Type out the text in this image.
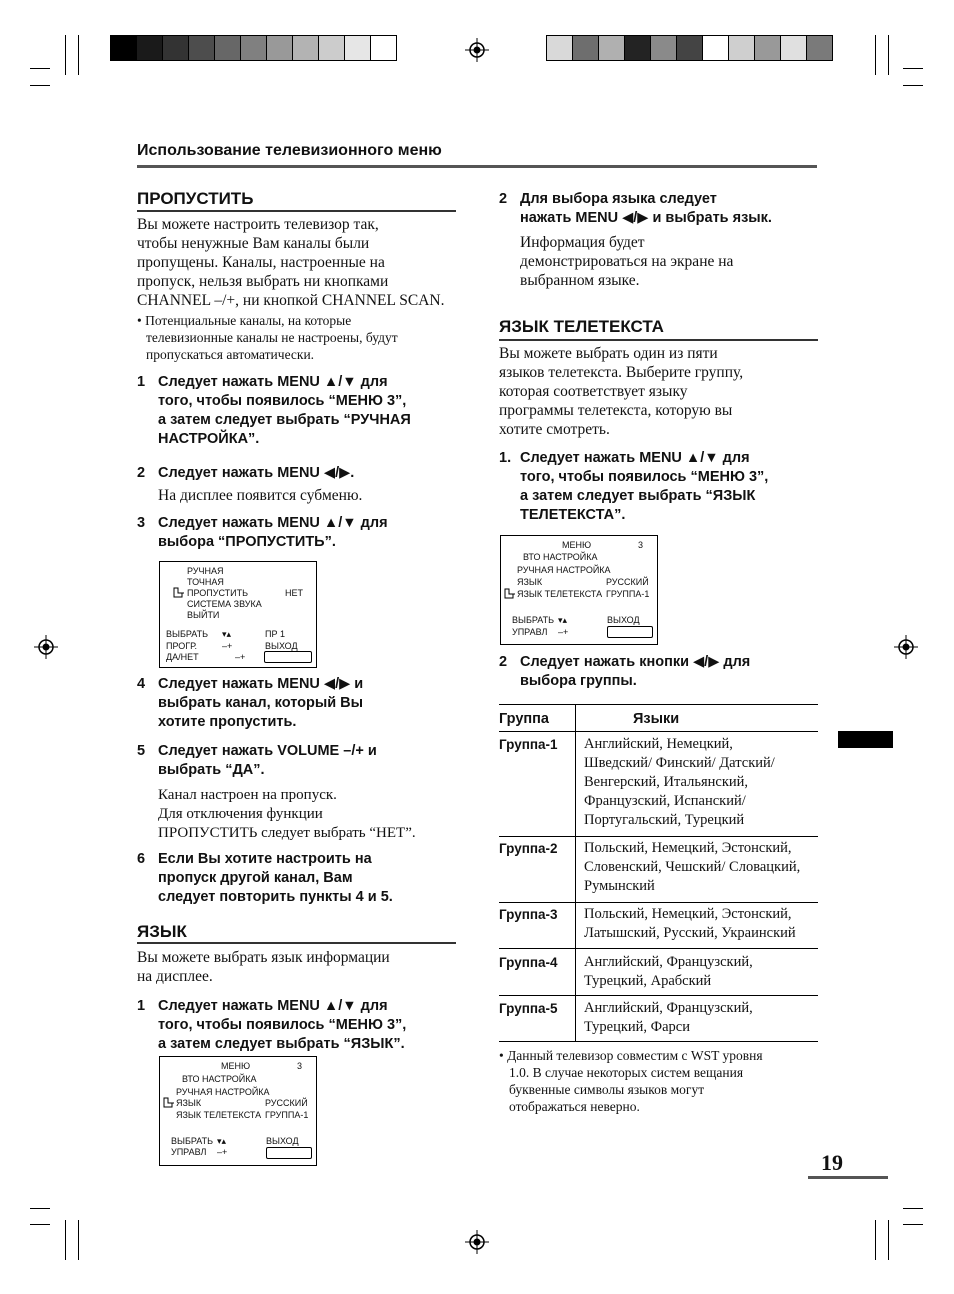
Использование телевизионного меню
ПРОПУСТИТЬ
Вы можете настроить телевизор так,
чтобы ненужные Вам каналы были
пропущены. Каналы, настроенные на
пропуск, нельзя выбрать ни кнопками
CHANNEL –/+, ни кнопкой CHANNEL SCAN.
• Потенциальные каналы, на которые
телевизионные каналы не настроены, будут
пропускаться автоматически.
1 Следует нажать MENU ▲/▼ для
того, чтобы появилось “МЕНЮ 3”,
а затем следует выбрать “РУЧНАЯ
НАСТРОЙКА”.
2 Следует нажать MENU ◀/▶.
На дисплее появится субменю.
3 Следует нажать MENU ▲/▼ для
выбора “ПРОПУСТИТЬ”.
РУЧНАЯ
ТОЧНАЯ
ПРОПУСТИТЬ	НЕТ
СИСТЕМА ЗВУКА
ВЫЙТИ
ВЫБРАТЬ ▾▴	ПР 1
ПРОГР.	–+	ВЫХОД
ДА/НЕТ	–+
4 Следует нажать MENU ◀/▶ и
выбрать канал, который Вы
хотите пропустить.
5 Следует нажать VOLUME –/+ и
выбрать “ДА”.
Канал настроен на пропуск.
Для отключения функции
ПРОПУСТИТЬ следует выбрать “НЕТ”.
6 Если Вы хотите настроить на
пропуск другой канал, Вам
следует повторить пункты 4 и 5.
ЯЗЫК
Вы можете выбрать язык информации
на дисплее.
1 Следует нажать MENU ▲/▼ для
того, чтобы появилось “МЕНЮ 3”,
а затем следует выбрать “ЯЗЫК”.
МЕНЮ	3
ВТО НАСТРОЙКА
РУЧНАЯ НАСТРОЙКА
ЯЗЫК	РУССКИЙ
ЯЗЫК ТЕЛЕТЕКСТА ГРУППА-1
ВЫБРАТЬ ▾▴	ВЫХОД
УПРАВЛ –+
2 Для выбора языка следует
нажать MENU ◀/▶ и выбрать язык.
Информация будет
демонстрироваться на экране на
выбранном языке.
ЯЗЫК ТЕЛЕТЕКСТА
Вы можете выбрать один из пяти
языков телетекста. Выберите группу,
которая соответствует языку
программы телетекста, которую вы
хотите смотреть.
1. Следует нажать MENU ▲/▼ для
того, чтобы появилось “МЕНЮ 3”,
а затем следует выбрать “ЯЗЫК
ТЕЛЕТЕКСТА”.
МЕНЮ	3
ВТО НАСТРОЙКА
РУЧНАЯ НАСТРОЙКА
ЯЗЫК	РУССКИЙ
ЯЗЫК ТЕЛЕТЕКСТА ГРУППА-1
ВЫБРАТЬ ▾▴	ВЫХОД
УПРАВЛ –+
2 Следует нажать кнопки ◀/▶ для
выбора группы.
Группа	Языки
Группа-1 Английский, Немецкий,
Шведский/ Финский/ Датский/
Венгерский, Итальянский,
Французский, Испанский/
Португальский, Турецкий
Группа-2 Польский, Немецкий, Эстонский,
Словенский, Чешский/ Словацкий,
Румынский
Группа-3 Польский, Немецкий, Эстонский,
Латышский, Русский, Украинский
Группа-4 Английский, Французский,
Турецкий, Арабский
Группа-5 Английский, Французский,
Турецкий, Фарси
• Данный телевизор совместим с WST уровня
1.0. В случае некоторых систем вещания
буквенные символы языков могут
отображаться неверно.
19
